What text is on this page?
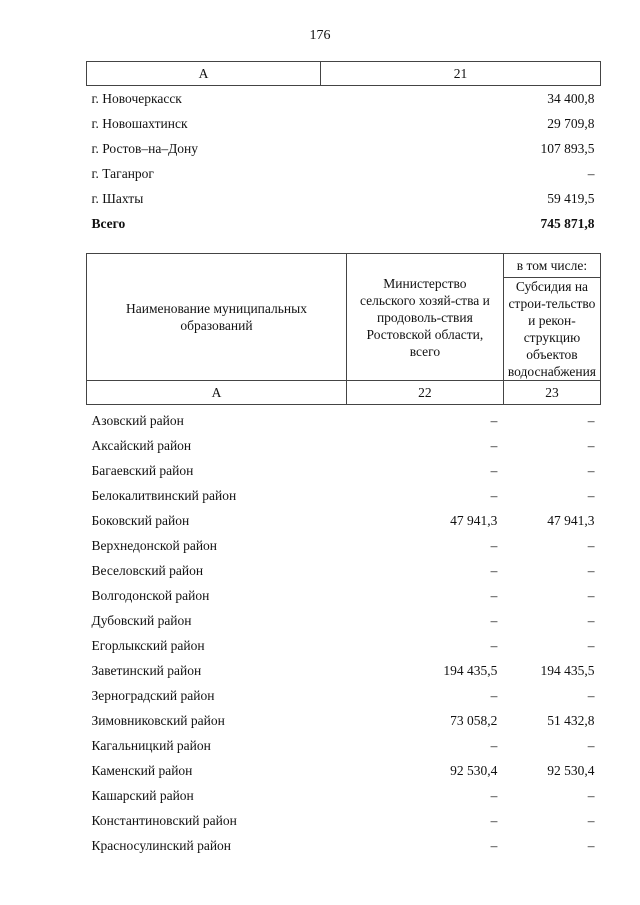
176
А	21
г. Новочеркасск	34 400,8
г. Новошахтинск	29 709,8
г. Ростов–на–Дону	107 893,5
г. Таганрог	–
г. Шахты	59 419,5
Всего	745 871,8
Наименование муниципальных образований	Министерство сельского хозяй-ства и продоволь-ствия Ростовской области, всего	в том числе:
		Субсидия на строи-тельство и рекон-струкцию объектов водоснабжения
А	22	23
Азовский район	–	–
Аксайский район	–	–
Багаевский район	–	–
Белокалитвинский район	–	–
Боковский район	47 941,3	47 941,3
Верхнедонской район	–	–
Веселовский район	–	–
Волгодонской район	–	–
Дубовский район	–	–
Егорлыкский район	–	–
Заветинский район	194 435,5	194 435,5
Зерноградский район	–	–
Зимовниковский район	73 058,2	51 432,8
Кагальницкий район	–	–
Каменский район	92 530,4	92 530,4
Кашарский район	–	–
Константиновский район	–	–
Красносулинский район	–	–
